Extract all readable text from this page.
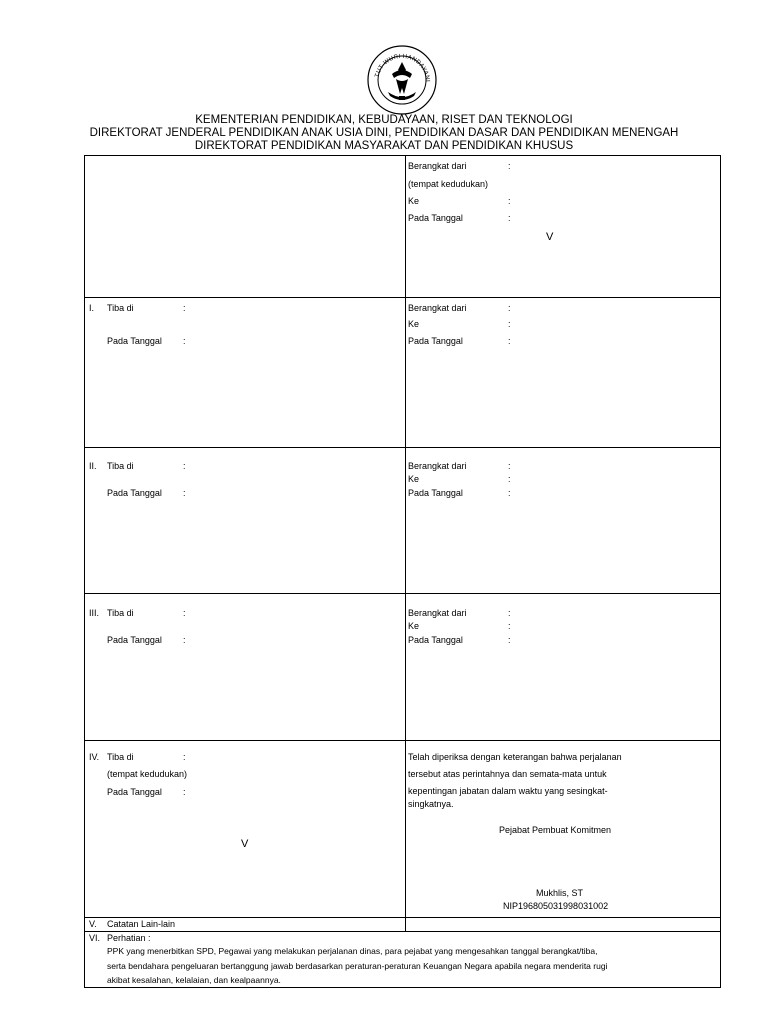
TUT WURI HANDAYANI
KEMENTERIAN PENDIDIKAN, KEBUDAYAAN, RISET DAN TEKNOLOGI
DIREKTORAT JENDERAL PENDIDIKAN ANAK USIA DINI, PENDIDIKAN DASAR DAN PENDIDIKAN MENENGAH
DIREKTORAT PENDIDIKAN MASYARAKAT DAN PENDIDIKAN KHUSUS
Berangkat dari	:
(tempat kedudukan)
Ke	:
Pada Tanggal	:
V
I. Tiba di	:
Pada Tanggal :
Berangkat dari	:
Ke	:
Pada Tanggal	:
II. Tiba di	:
Pada Tanggal :
Berangkat dari	:
Ke	:
Pada Tanggal	:
III. Tiba di	:
Pada Tanggal :
Berangkat dari	:
Ke	:
Pada Tanggal	:
IV. Tiba di	:
(tempat kedudukan)
Pada Tanggal :
V
Telah diperiksa dengan keterangan bahwa perjalanan
tersebut atas perintahnya dan semata-mata untuk
kepentingan jabatan dalam waktu yang sesingkat-
singkatnya.
Pejabat Pembuat Komitmen
Mukhlis, ST
NIP196805031998031002
V. Catatan Lain-lain
VI. Perhatian :
PPK yang menerbitkan SPD, Pegawai yang melakukan perjalanan dinas, para pejabat yang mengesahkan tanggal berangkat/tiba,
serta bendahara pengeluaran bertanggung jawab berdasarkan peraturan-peraturan Keuangan Negara apabila negara menderita rugi
akibat kesalahan, kelalaian, dan kealpaannya.
